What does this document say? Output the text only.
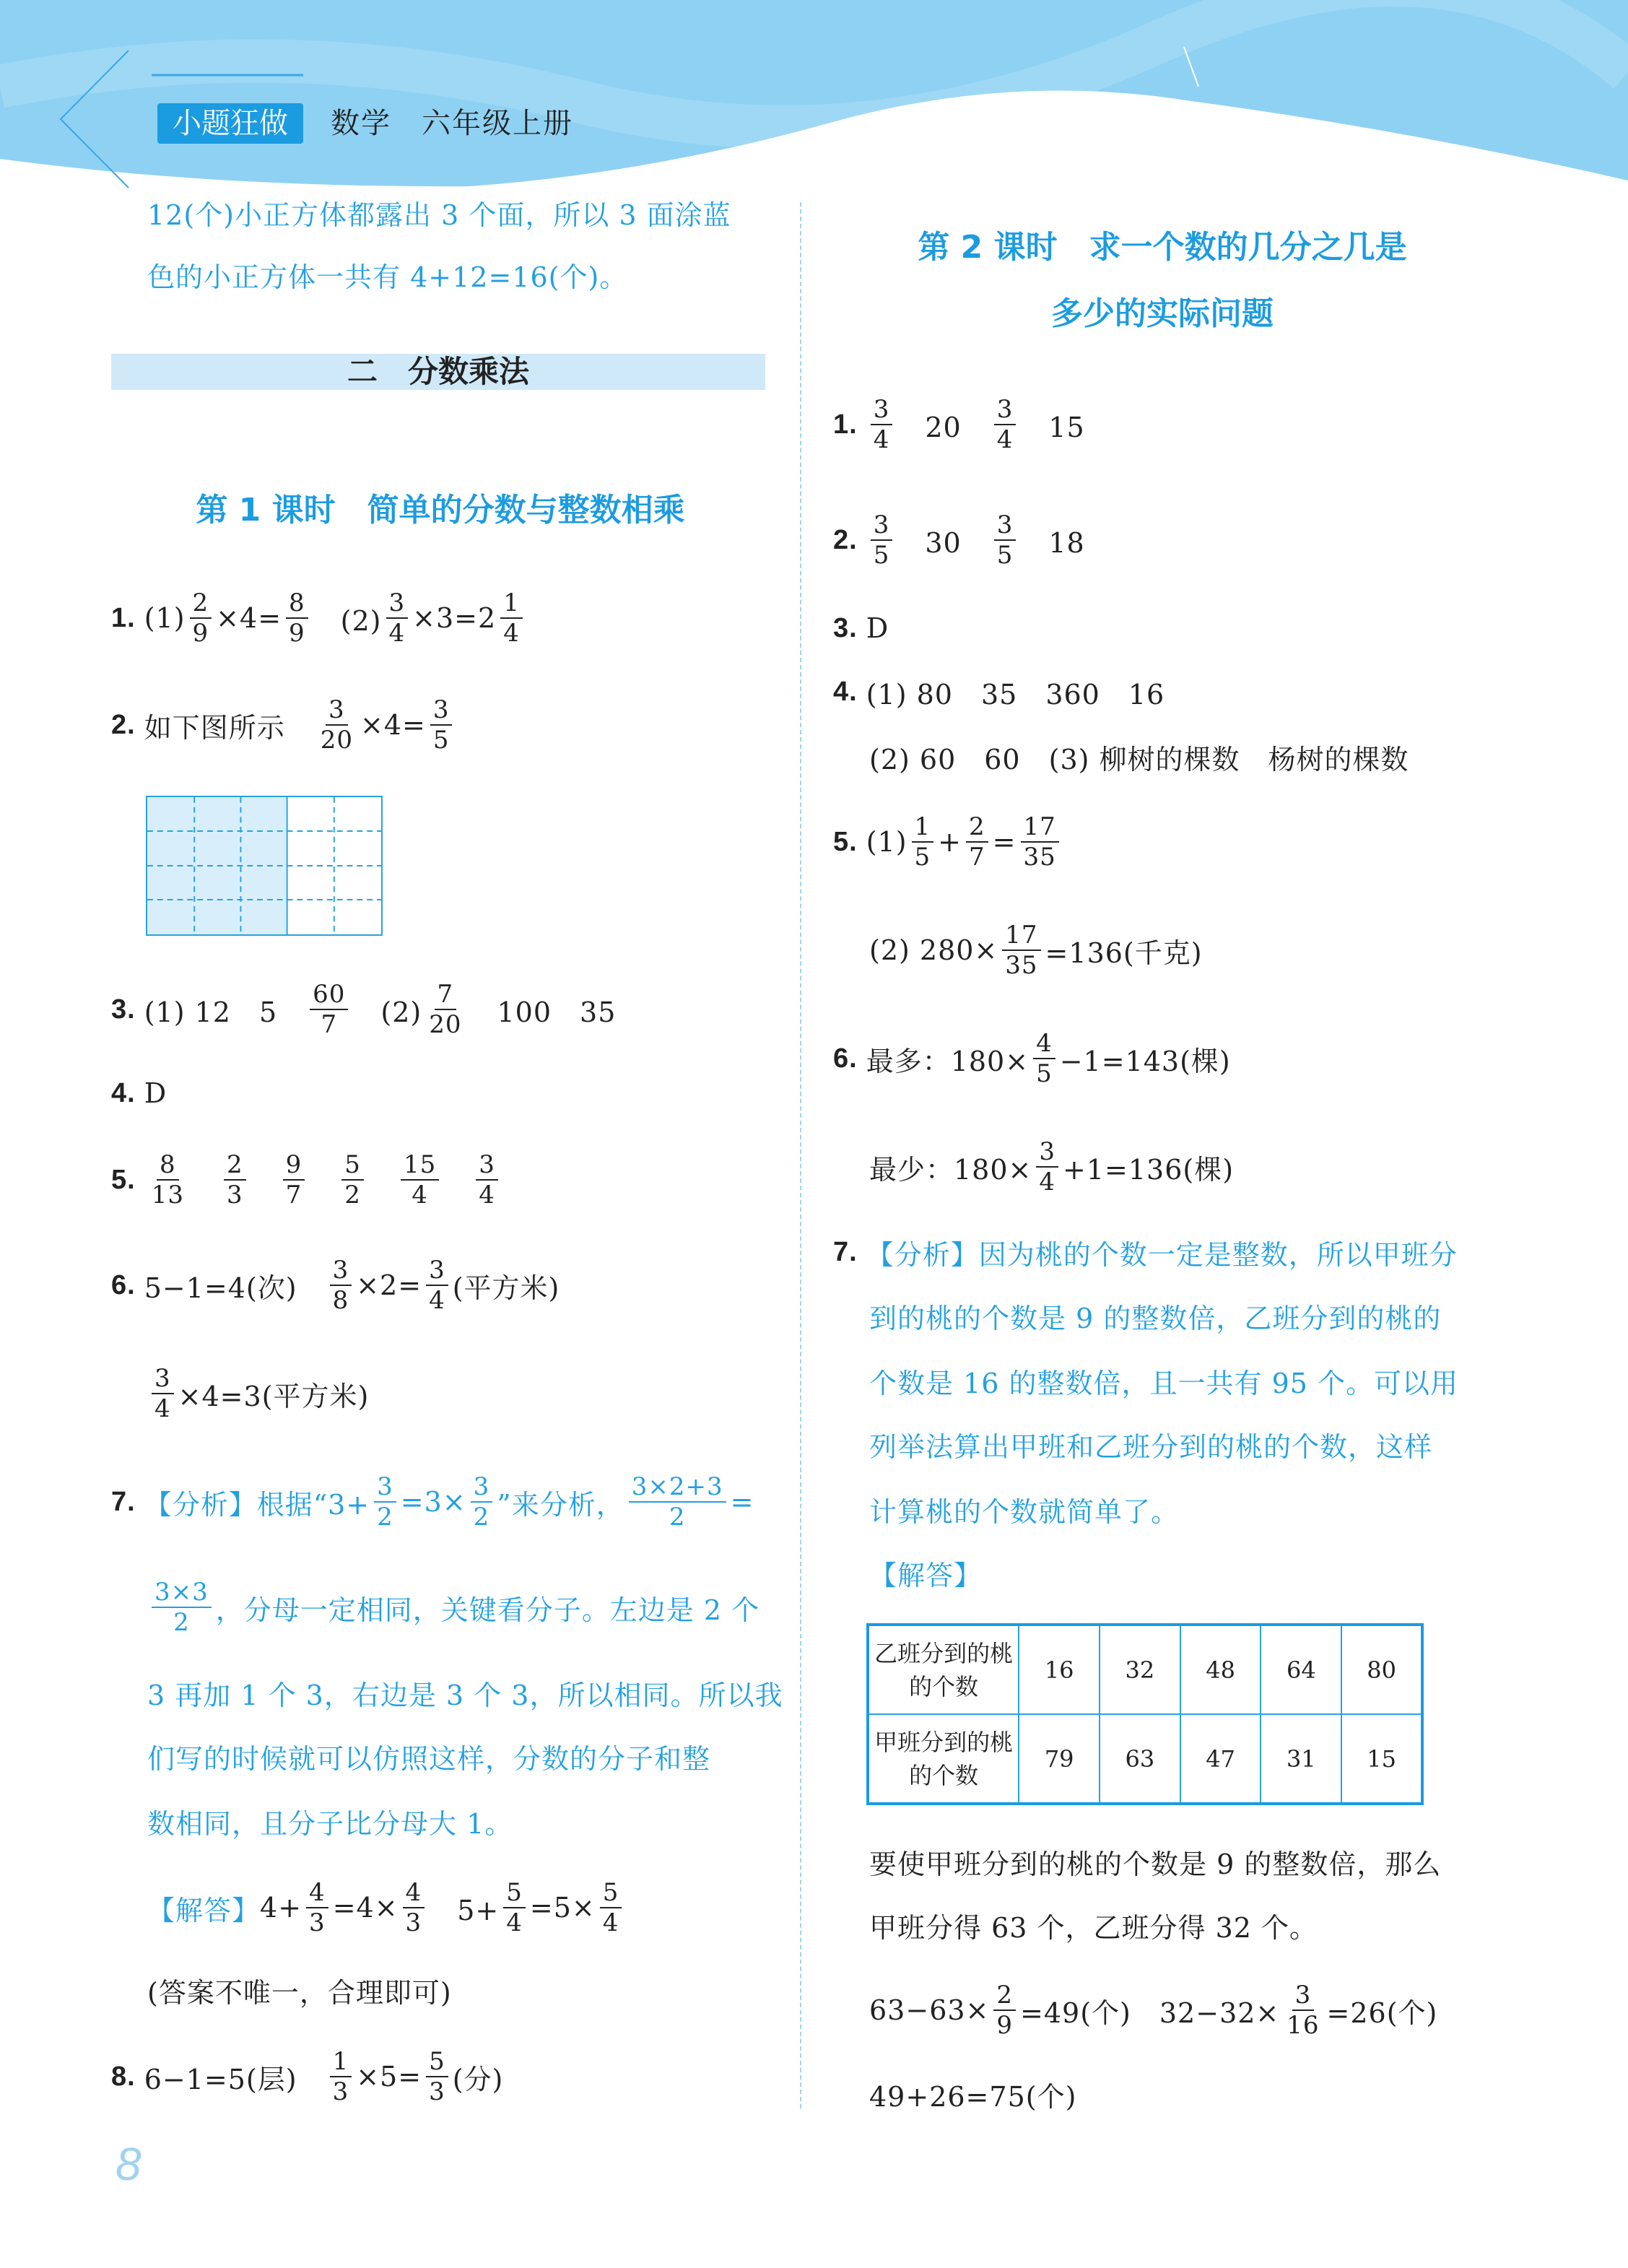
小题狂做	数学　六年级上册
二　分数乘法
第 1 课时　简单的分数与整数相乘
第 2 课时　求一个数的几分之几是
多少的实际问题
乙班分到的桃的个数	16	32	48	64	80
甲班分到的桃的个数	79	63	47	31	15
8
12(个)小正方体都露出 3 个面，所以 3 面涂蓝
色的小正方体一共有 4+12=16(个)。
1. $(1) \frac{2}{9} \times 4= \frac{8}{9}$ 　$(2) \frac{3}{4} \times 3=2 \frac{1}{4}$
2. 如下图所示　 $\frac{3}{20} \times 4= \frac{3}{5}$
3. (1) 12　5　 $\frac{60}{7}$ 　$(2) \frac{7}{20}$ 　100　35
4. D
5. $\frac{8}{13}$
　 $\frac{2}{3}$
　 $\frac{9}{7}$
　 $\frac{5}{2}$
　 $\frac{15}{4}$
　 $\frac{3}{4}$
6. 5−1=4(次)　 $\frac{3}{8} \times 2= \frac{3}{4}$ (平方米)
$\frac{3}{4} \times 4=3$(平方米)
7. 【分析】根据“$3+ \frac{3}{2} =3\times \frac{3}{2}$ ”来分析， $\frac{3\times 2+3}{2}$ =
$\frac{3\times 3}{2}$ ，分母一定相同，关键看分子。左边是 2 个
3 再加 1 个 3，右边是 3 个 3，所以相同。所以我
们写的时候就可以仿照这样，分数的分子和整
数相同，且分子比分母大 1。
【解答】 $4+ \frac{4}{3} =4\times \frac{4}{3}$ 　$5+ \frac{5}{4} =5\times \frac{5}{4}$
(答案不唯一，合理即可)
8. 6−1=5(层)　 $\frac{1}{3} \times 5= \frac{5}{3}$ (分)
1. $\frac{3}{4}$ 　20　 $\frac{3}{4}$ 　15
2. $\frac{3}{5}$ 　30　 $\frac{3}{5}$ 　18
3. D
4. (1) 80　35　360　16
(2) 60　60　(3) 柳树的棵数　杨树的棵数
5. $(1) \frac{1}{5} + \frac{2}{7} = \frac{17}{35}$
(2) $280\times \frac{17}{35} =136$(千克)
6. 最多：$180\times \frac{4}{5} -1=143$(棵)
最少：$180\times \frac{3}{4} +1=136$(棵)
7. 【分析】因为桃的个数一定是整数，所以甲班分
到的桃的个数是 9 的整数倍，乙班分到的桃的
个数是 16 的整数倍，且一共有 95 个。可以用
列举法算出甲班和乙班分到的桃的个数，这样
计算桃的个数就简单了。
【解答】
要使甲班分到的桃的个数是 9 的整数倍，那么
甲班分得 63 个，乙班分得 32 个。
$63-63\times \frac{2}{9} =49$(个)　$32-32\times \frac{3}{16} =26$(个)
49+26=75(个)
